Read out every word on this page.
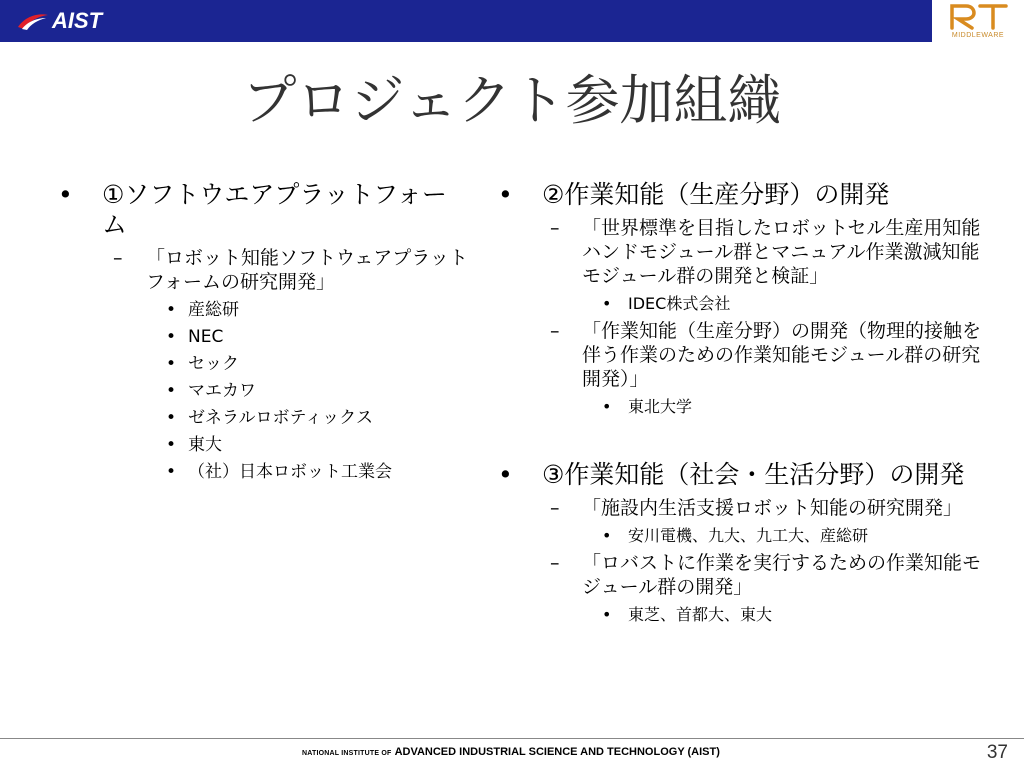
AIST
MIDDLEWARE
プロジェクト参加組織
• ①ソフトウエアプラットフォーム
– 「ロボット知能ソフトウェアプラットフォームの研究開発」
• 産総研
• NEC
• セック
• マエカワ
• ゼネラルロボティックス
• 東大
• （社）日本ロボット工業会
• ②作業知能（生産分野）の開発
– 「世界標準を目指したロボットセル生産用知能ハンドモジュール群とマニュアル作業激減知能モジュール群の開発と検証」
• IDEC株式会社
– 「作業知能（生産分野）の開発（物理的接触を伴う作業のための作業知能モジュール群の研究開発）」
• 東北大学
• ③作業知能（社会・生活分野）の開発
– 「施設内生活支援ロボット知能の研究開発」
• 安川電機、九大、九工大、産総研
– 「ロバストに作業を実行するための作業知能モジュール群の開発」
• 東芝、首都大、東大
NATIONAL INSTITUTE OF ADVANCED INDUSTRIAL SCIENCE AND TECHNOLOGY (AIST)	37
